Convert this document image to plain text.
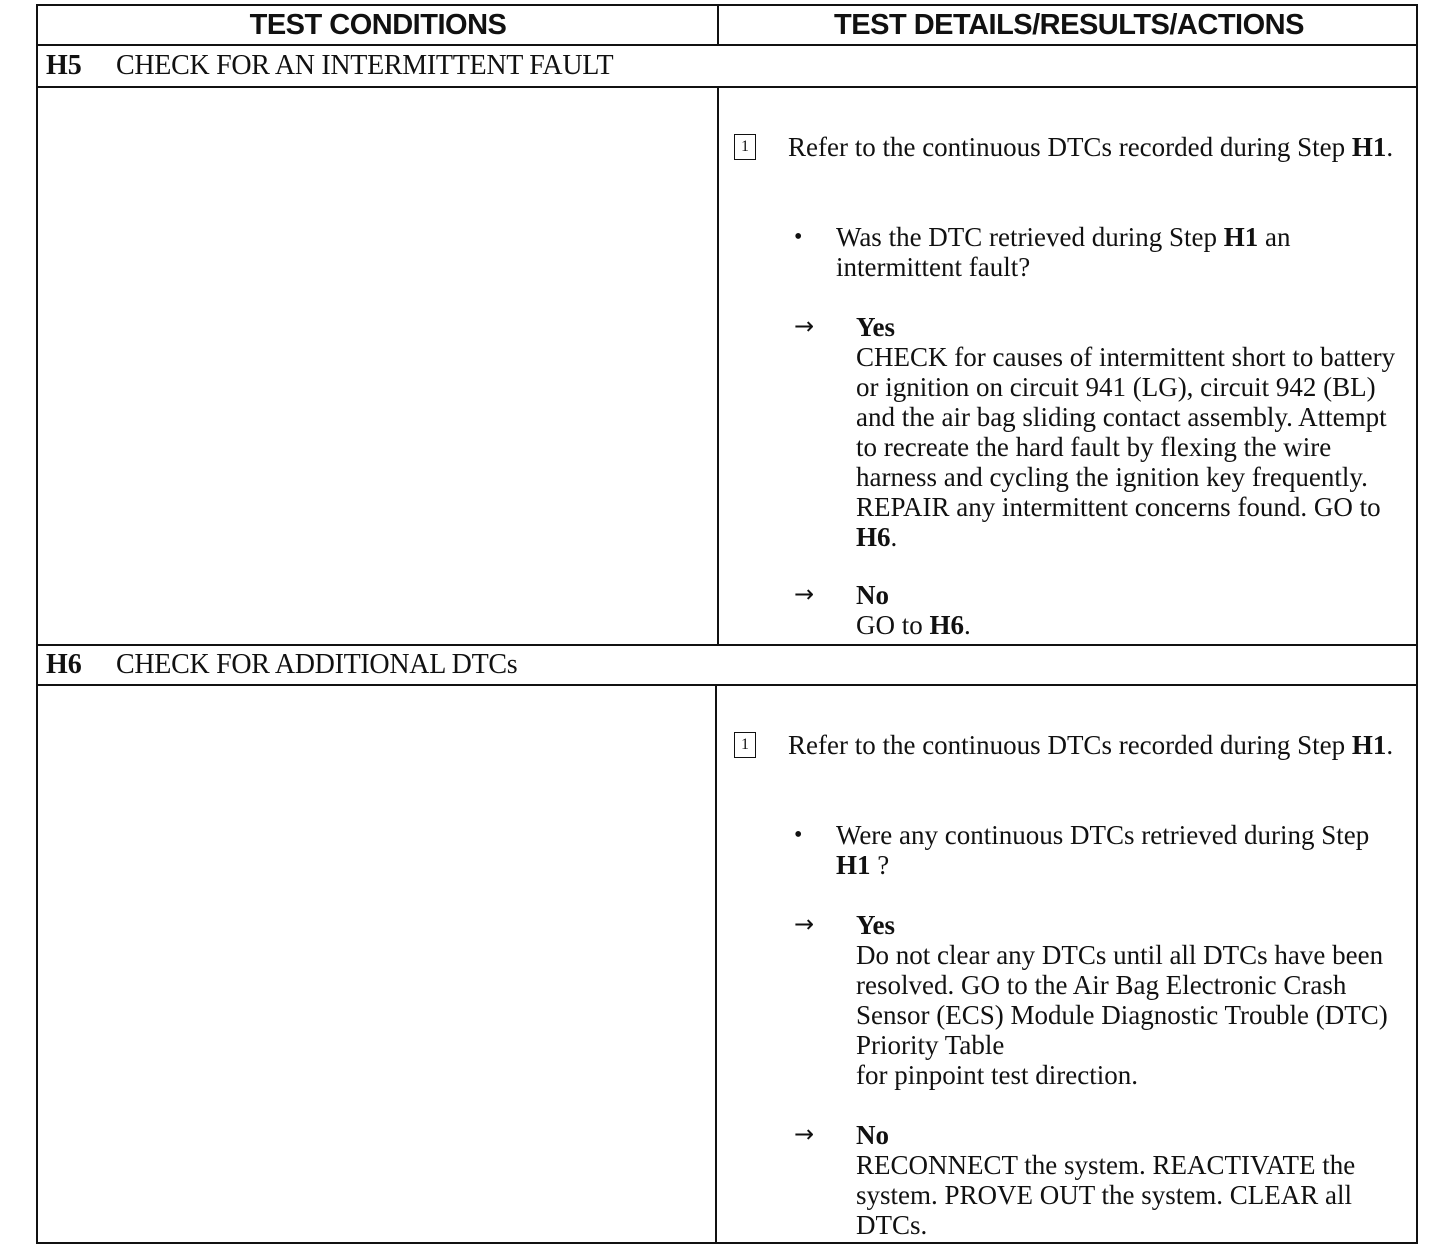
TEST CONDITIONS	TEST DETAILS/RESULTS/ACTIONS
H5	CHECK FOR AN INTERMITTENT FAULT
1 Refer to the continuous DTCs recorded during Step H1.
• Was the DTC retrieved during Step H1 an intermittent fault?
→ Yes
CHECK for causes of intermittent short to battery or ignition on circuit 941 (LG), circuit 942 (BL) and the air bag sliding contact assembly. Attempt to recreate the hard fault by flexing the wire harness and cycling the ignition key frequently. REPAIR any intermittent concerns found. GO to H6.
→ No
GO to H6.
H6	CHECK FOR ADDITIONAL DTCs
1 Refer to the continuous DTCs recorded during Step H1.
• Were any continuous DTCs retrieved during Step H1 ?
→ Yes
Do not clear any DTCs until all DTCs have been resolved. GO to the Air Bag Electronic Crash Sensor (ECS) Module Diagnostic Trouble (DTC) Priority Table
for pinpoint test direction.
→ No
RECONNECT the system. REACTIVATE the system. PROVE OUT the system. CLEAR all DTCs.
